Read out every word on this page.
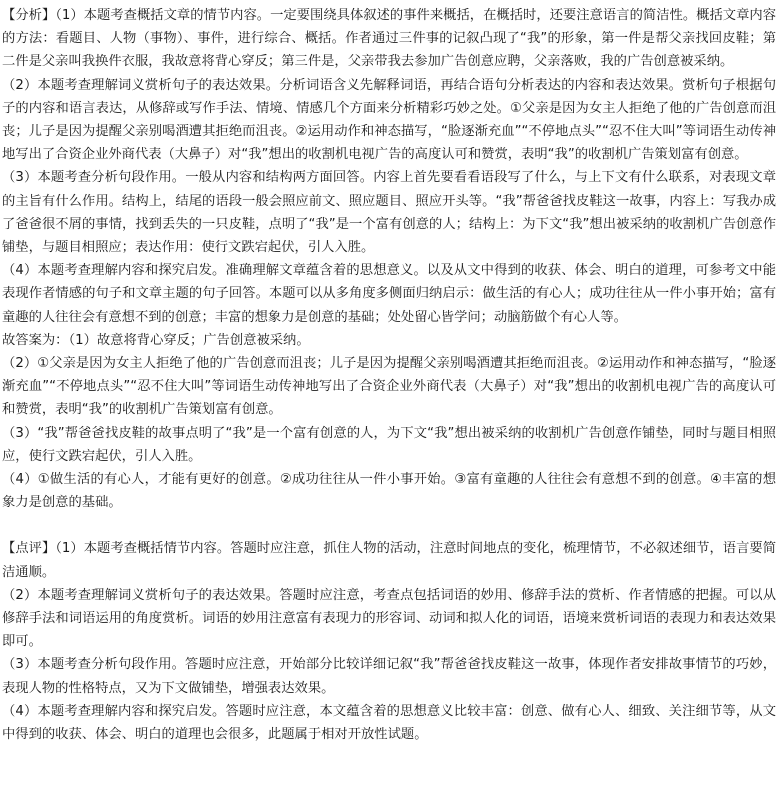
【分析】（1）本题考查概括文章的情节内容。一定要围绕具体叙述的事件来概括，在概括时，还要注意语言的简洁性。概括文章内容的方法：看题目、人物（事物）、事件，进行综合、概括。作者通过三件事的记叙凸现了“我”的形象，第一件是帮父亲找回皮鞋；第二件是父亲叫我换件衣服，我故意将背心穿反；第三件是，父亲带我去参加广告创意应聘，父亲落败，我的广告创意被采纳。

（2）本题考查理解词义赏析句子的表达效果。分析词语含义先解释词语，再结合语句分析表达的内容和表达效果。赏析句子根据句子的内容和语言表达，从修辞或写作手法、情境、情感几个方面来分析精彩巧妙之处。①父亲是因为女主人拒绝了他的广告创意而沮丧；儿子是因为提醒父亲别喝酒遭其拒绝而沮丧。②运用动作和神态描写，“脸逐渐充血”“不停地点头”“忍不住大叫”等词语生动传神地写出了合资企业外商代表（大鼻子）对“我”想出的收割机电视广告的高度认可和赞赏，表明“我”的收割机广告策划富有创意。

（3）本题考查分析句段作用。一般从内容和结构两方面回答。内容上首先要看看语段写了什么，与上下文有什么联系，对表现文章的主旨有什么作用。结构上，结尾的语段一般会照应前文、照应题目、照应开头等。“我”帮爸爸找皮鞋这一故事，内容上：写我办成了爸爸很不屑的事情，找到丢失的一只皮鞋，点明了“我”是一个富有创意的人；结构上：为下文“我”想出被采纳的收割机广告创意作铺垫，与题目相照应；表达作用：使行文跌宕起伏，引人入胜。

（4）本题考查理解内容和探究启发。准确理解文章蕴含着的思想意义。以及从文中得到的收获、体会、明白的道理，可参考文中能表现作者情感的句子和文章主题的句子回答。本题可以从多角度多侧面归纳启示：做生活的有心人；成功往往从一件小事开始；富有童趣的人往往会有意想不到的创意；丰富的想象力是创意的基础；处处留心皆学问；动脑筋做个有心人等。

故答案为：（1）故意将背心穿反；广告创意被采纳。

（2）①父亲是因为女主人拒绝了他的广告创意而沮丧；儿子是因为提醒父亲别喝酒遭其拒绝而沮丧。②运用动作和神态描写，“脸逐渐充血”“不停地点头”“忍不住大叫”等词语生动传神地写出了合资企业外商代表（大鼻子）对“我”想出的收割机电视广告的高度认可和赞赏，表明“我”的收割机广告策划富有创意。

（3）“我”帮爸爸找皮鞋的故事点明了“我”是一个富有创意的人，为下文“我”想出被采纳的收割机广告创意作铺垫，同时与题目相照应，使行文跌宕起伏，引人入胜。

（4）①做生活的有心人，才能有更好的创意。②成功往往从一件小事开始。③富有童趣的人往往会有意想不到的创意。④丰富的想象力是创意的基础。

【点评】（1）本题考查概括情节内容。答题时应注意，抓住人物的活动，注意时间地点的变化，梳理情节，不必叙述细节，语言要简洁通顺。

（2）本题考查理解词义赏析句子的表达效果。答题时应注意，考查点包括词语的妙用、修辞手法的赏析、作者情感的把握。可以从修辞手法和词语运用的角度赏析。词语的妙用注意富有表现力的形容词、动词和拟人化的词语，语境来赏析词语的表现力和表达效果即可。

（3）本题考查分析句段作用。答题时应注意，开始部分比较详细记叙“我”帮爸爸找皮鞋这一故事，体现作者安排故事情节的巧妙，表现人物的性格特点，又为下文做铺垫，增强表达效果。

（4）本题考查理解内容和探究启发。答题时应注意，本文蕴含着的思想意义比较丰富：创意、做有心人、细致、关注细节等，从文中得到的收获、体会、明白的道理也会很多，此题属于相对开放性试题。
